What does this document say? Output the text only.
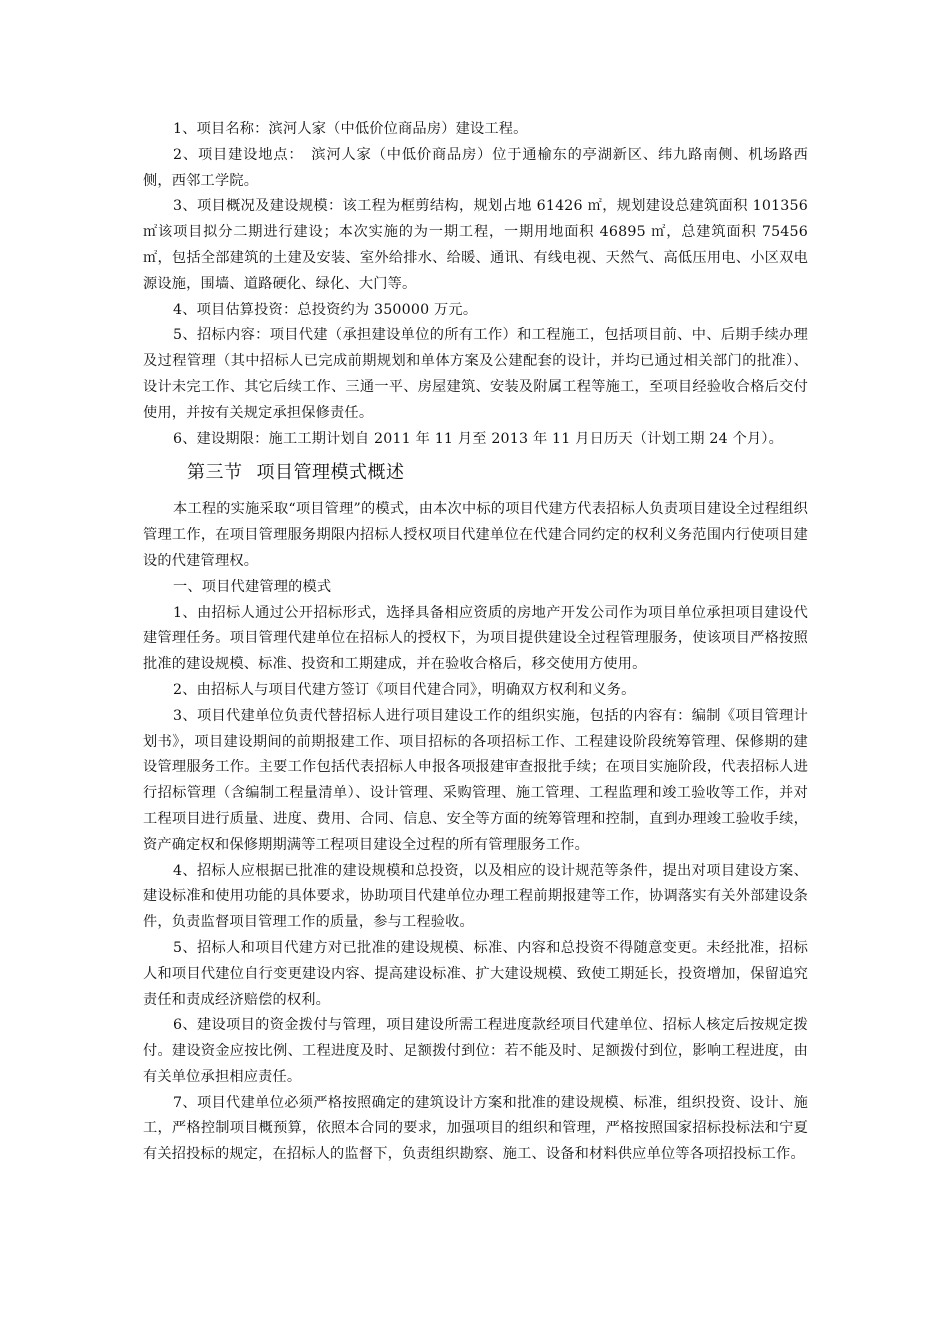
1、项目名称：滨河人家（中低价位商品房）建设工程。

2、项目建设地点：　滨河人家（中低价商品房）位于通榆东的亭湖新区、纬九路南侧、机场路西侧，西邻工学院。

3、项目概况及建设规模：该工程为框剪结构，规划占地 61426 ㎡，规划建设总建筑面积 101356 ㎡该项目拟分二期进行建设；本次实施的为一期工程，一期用地面积 46895 ㎡，总建筑面积 75456 ㎡，包括全部建筑的土建及安装、室外给排水、给暖、通讯、有线电视、天然气、高低压用电、小区双电源设施，围墙、道路硬化、绿化、大门等。

4、项目估算投资：总投资约为 350000 万元。

5、招标内容：项目代建（承担建设单位的所有工作）和工程施工，包括项目前、中、后期手续办理及过程管理（其中招标人已完成前期规划和单体方案及公建配套的设计，并均已通过相关部门的批准）、设计未完工作、其它后续工作、三通一平、房屋建筑、安装及附属工程等施工，至项目经验收合格后交付使用，并按有关规定承担保修责任。

6、建设期限：施工工期计划自 2011 年 11 月至 2013 年 11 月日历天（计划工期 24 个月）。

第三节 项目管理模式概述

本工程的实施采取“项目管理”的模式，由本次中标的项目代建方代表招标人负责项目建设全过程组织管理工作，在项目管理服务期限内招标人授权项目代建单位在代建合同约定的权利义务范围内行使项目建设的代建管理权。

一、项目代建管理的模式

1、由招标人通过公开招标形式，选择具备相应资质的房地产开发公司作为项目单位承担项目建设代建管理任务。项目管理代建单位在招标人的授权下，为项目提供建设全过程管理服务，使该项目严格按照批准的建设规模、标准、投资和工期建成，并在验收合格后，移交使用方使用。

2、由招标人与项目代建方签订《项目代建合同》，明确双方权利和义务。

3、项目代建单位负责代替招标人进行项目建设工作的组织实施，包括的内容有：编制《项目管理计划书》，项目建设期间的前期报建工作、项目招标的各项招标工作、工程建设阶段统筹管理、保修期的建设管理服务工作。主要工作包括代表招标人申报各项报建审查报批手续；在项目实施阶段，代表招标人进行招标管理（含编制工程量清单）、设计管理、采购管理、施工管理、工程监理和竣工验收等工作，并对工程项目进行质量、进度、费用、合同、信息、安全等方面的统筹管理和控制，直到办理竣工验收手续，资产确定权和保修期期满等工程项目建设全过程的所有管理服务工作。

4、招标人应根据已批准的建设规模和总投资，以及相应的设计规范等条件，提出对项目建设方案、建设标准和使用功能的具体要求，协助项目代建单位办理工程前期报建等工作，协调落实有关外部建设条件，负责监督项目管理工作的质量，参与工程验收。

5、招标人和项目代建方对已批准的建设规模、标准、内容和总投资不得随意变更。未经批准，招标人和项目代建位自行变更建设内容、提高建设标准、扩大建设规模、致使工期延长，投资增加，保留追究责任和责成经济赔偿的权利。

6、建设项目的资金拨付与管理，项目建设所需工程进度款经项目代建单位、招标人核定后按规定拨付。建设资金应按比例、工程进度及时、足额拨付到位：若不能及时、足额拨付到位，影响工程进度，由有关单位承担相应责任。

7、项目代建单位必须严格按照确定的建筑设计方案和批准的建设规模、标准，组织投资、设计、施工，严格控制项目概预算，依照本合同的要求，加强项目的组织和管理，严格按照国家招标投标法和宁夏有关招投标的规定，在招标人的监督下，负责组织勘察、施工、设备和材料供应单位等各项招投标工作。
